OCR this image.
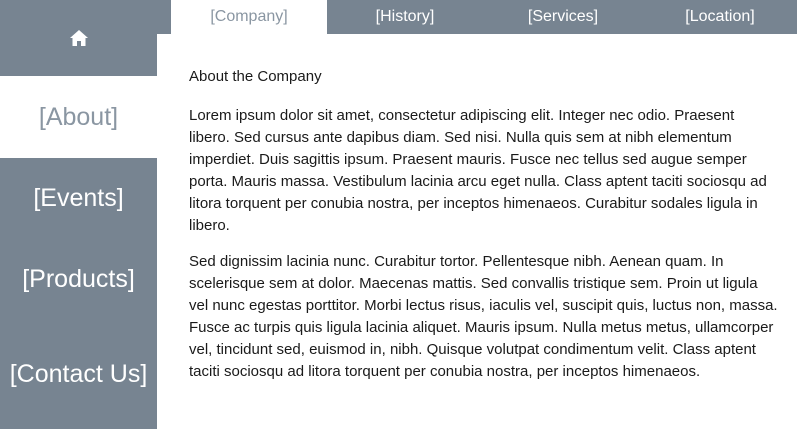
[About]
[Events]
[Products]
[Contact Us]
[Company]	[History]	[Services]	[Location]
About the Company

Lorem ipsum dolor sit amet, consectetur adipiscing elit. Integer nec odio. Praesent libero. Sed cursus ante dapibus diam. Sed nisi. Nulla quis sem at nibh elementum imperdiet. Duis sagittis ipsum. Praesent mauris. Fusce nec tellus sed augue semper porta. Mauris massa. Vestibulum lacinia arcu eget nulla. Class aptent taciti sociosqu ad litora torquent per conubia nostra, per inceptos himenaeos. Curabitur sodales ligula in libero.

Sed dignissim lacinia nunc. Curabitur tortor. Pellentesque nibh. Aenean quam. In scelerisque sem at dolor. Maecenas mattis. Sed convallis tristique sem. Proin ut ligula vel nunc egestas porttitor. Morbi lectus risus, iaculis vel, suscipit quis, luctus non, massa. Fusce ac turpis quis ligula lacinia aliquet. Mauris ipsum. Nulla metus metus, ullamcorper vel, tincidunt sed, euismod in, nibh. Quisque volutpat condimentum velit. Class aptent taciti sociosqu ad litora torquent per conubia nostra, per inceptos himenaeos.
